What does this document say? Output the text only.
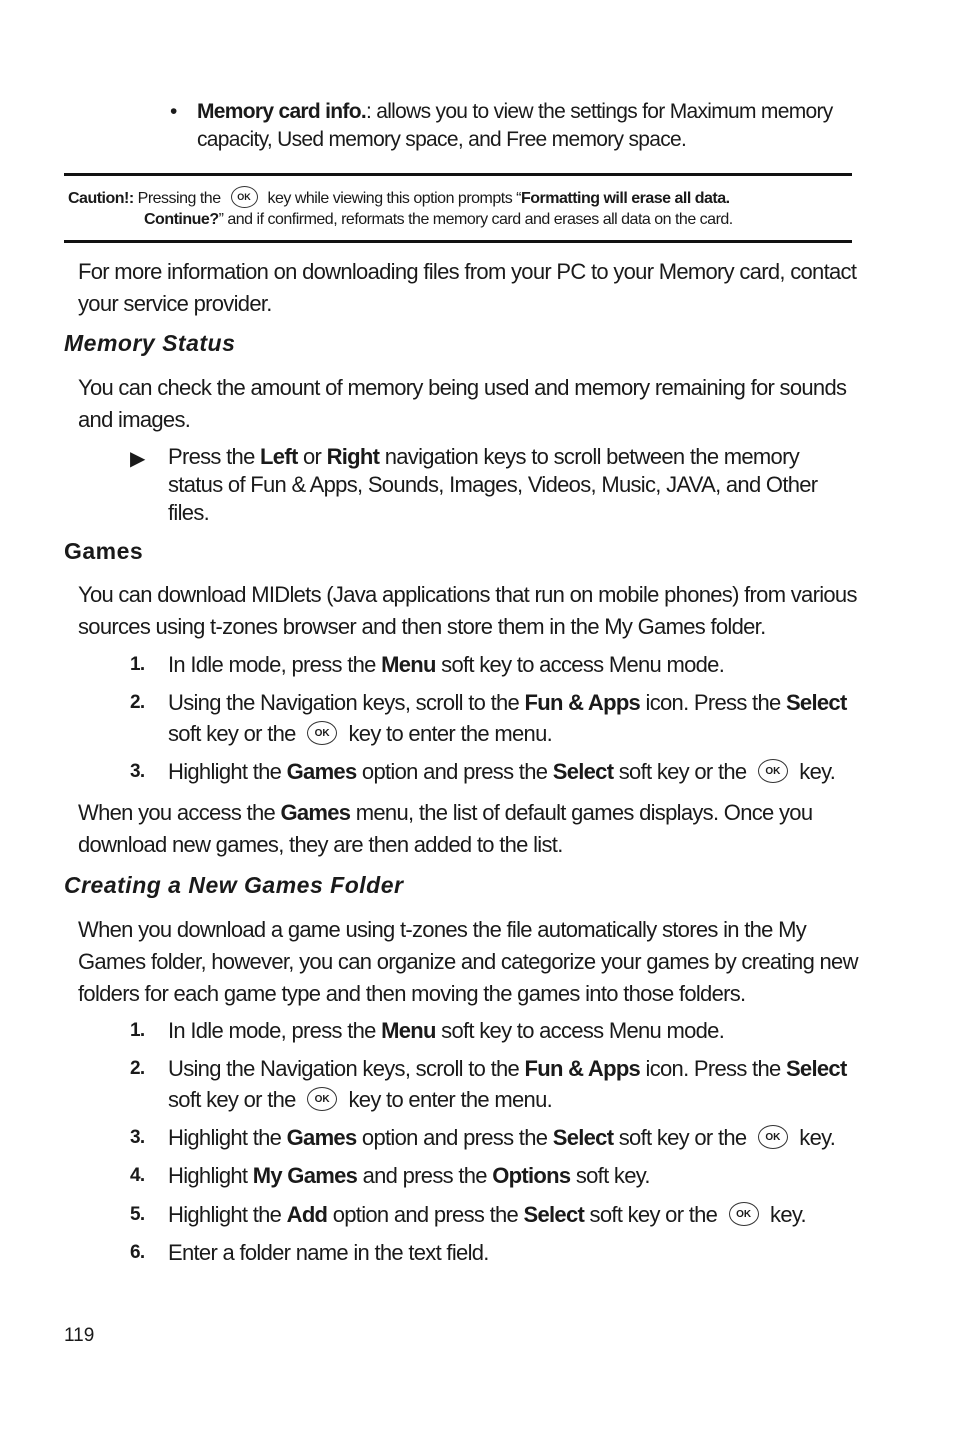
• Memory card info.: allows you to view the settings for Maximum memory capacity, Used memory space, and Free memory space.
Caution!: Pressing the OK key while viewing this option prompts “Formatting will erase all data.
Continue?” and if confirmed, reformats the memory card and erases all data on the card.
For more information on downloading files from your PC to your Memory card, contact your service provider.
Memory Status
You can check the amount of memory being used and memory remaining for sounds and images.
▶ Press the Left or Right navigation keys to scroll between the memory status of Fun & Apps, Sounds, Images, Videos, Music, JAVA, and Other files.
Games
You can download MIDlets (Java applications that run on mobile phones) from various sources using t-zones browser and then store them in the My Games folder.
1. In Idle mode, press the Menu soft key to access Menu mode.
2. Using the Navigation keys, scroll to the Fun & Apps icon. Press the Select soft key or the OK key to enter the menu.
3. Highlight the Games option and press the Select soft key or the OK key.
When you access the Games menu, the list of default games displays. Once you download new games, they are then added to the list.
Creating a New Games Folder
When you download a game using t-zones the file automatically stores in the My Games folder, however, you can organize and categorize your games by creating new folders for each game type and then moving the games into those folders.
1. In Idle mode, press the Menu soft key to access Menu mode.
2. Using the Navigation keys, scroll to the Fun & Apps icon. Press the Select soft key or the OK key to enter the menu.
3. Highlight the Games option and press the Select soft key or the OK key.
4. Highlight My Games and press the Options soft key.
5. Highlight the Add option and press the Select soft key or the OK key.
6. Enter a folder name in the text field.
119
